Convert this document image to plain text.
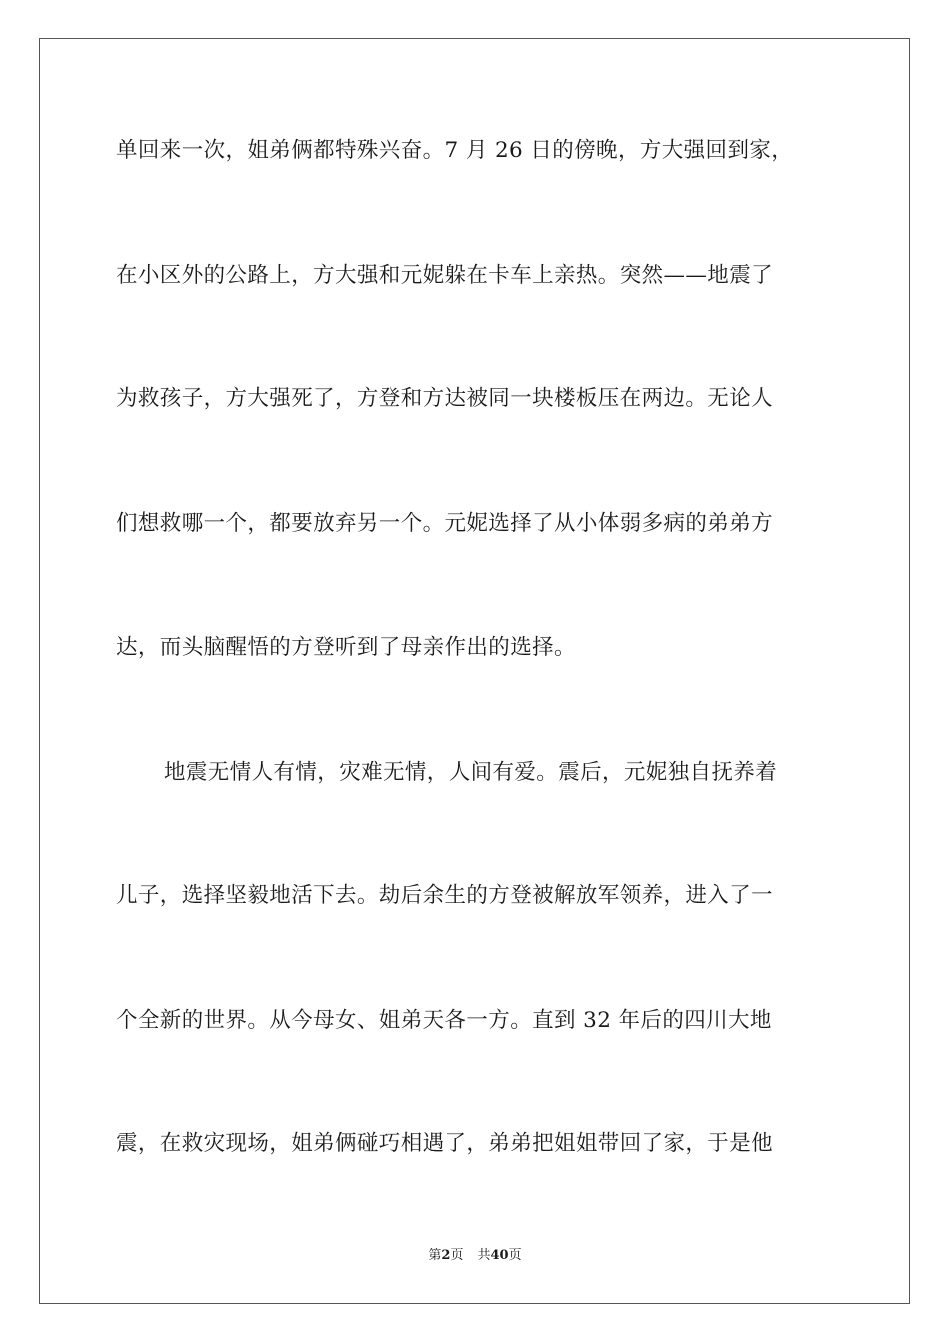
单回来一次，姐弟俩都特殊兴奋。7 月 26 日的傍晚，方大强回到家，
在小区外的公路上，方大强和元妮躲在卡车上亲热。突然——地震了
为救孩子，方大强死了，方登和方达被同一块楼板压在两边。无论人
们想救哪一个，都要放弃另一个。元妮选择了从小体弱多病的弟弟方
达，而头脑醒悟的方登听到了母亲作出的选择。
地震无情人有情，灾难无情，人间有爱。震后，元妮独自抚养着
儿子，选择坚毅地活下去。劫后余生的方登被解放军领养，进入了一
个全新的世界。从今母女、姐弟天各一方。直到 32 年后的四川大地
震，在救灾现场，姐弟俩碰巧相遇了，弟弟把姐姐带回了家，于是他
第2页 共40页
